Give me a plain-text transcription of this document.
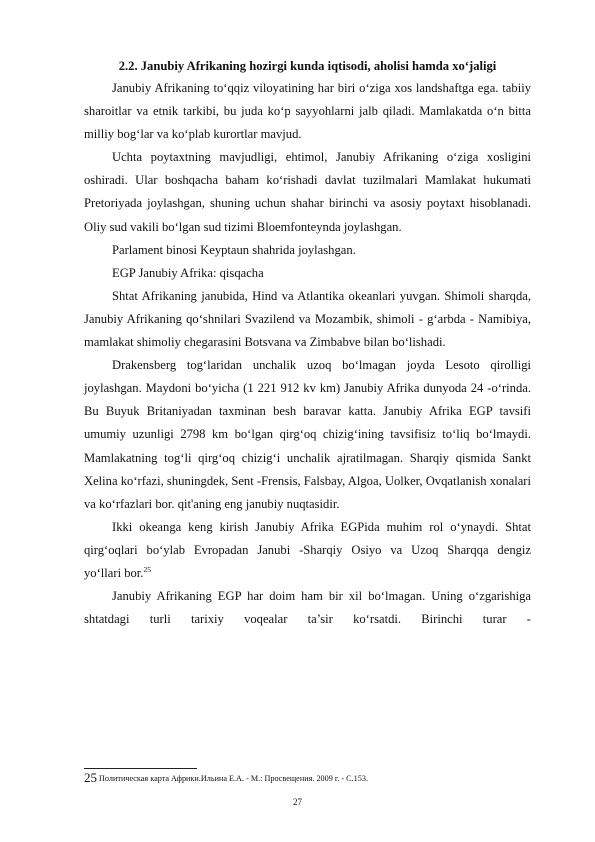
2.2. Janubiy Afrikaning hozirgi kunda iqtisodi, aholisi hamda xo‘jaligi

Janubiy Afrikaning to‘qqiz viloyatining har biri o‘ziga xos landshaftga ega. tabiiy sharoitlar va etnik tarkibi, bu juda ko‘p sayyohlarni jalb qiladi. Mamlakatda o‘n bitta milliy bog‘lar va ko‘plab kurortlar mavjud.

Uchta poytaxtning mavjudligi, ehtimol, Janubiy Afrikaning o‘ziga xosligini oshiradi. Ular boshqacha baham ko‘rishadi davlat tuzilmalari Mamlakat hukumati Pretoriyada joylashgan, shuning uchun shahar birinchi va asosiy poytaxt hisoblanadi. Oliy sud vakili bo‘lgan sud tizimi Bloemfonteynda joylashgan.

Parlament binosi Keyptaun shahrida joylashgan.

EGP Janubiy Afrika: qisqacha

Shtat Afrikaning janubida, Hind va Atlantika okeanlari yuvgan. Shimoli sharqda, Janubiy Afrikaning qo‘shnilari Svazilend va Mozambik, shimoli - g‘arbda - Namibiya, mamlakat shimoliy chegarasini Botsvana va Zimbabve bilan bo‘lishadi.

Drakensberg tog‘laridan unchalik uzoq bo‘lmagan joyda Lesoto qirolligi joylashgan. Maydoni bo‘yicha (1 221 912 kv km) Janubiy Afrika dunyoda 24 -o‘rinda. Bu Buyuk Britaniyadan taxminan besh baravar katta. Janubiy Afrika EGP tavsifi umumiy uzunligi 2798 km bo‘lgan qirg‘oq chizig‘ining tavsifisiz to‘liq bo‘lmaydi. Mamlakatning tog‘li qirg‘oq chizig‘i unchalik ajratilmagan. Sharqiy qismida Sankt Xelina ko‘rfazi, shuningdek, Sent -Frensis, Falsbay, Algoa, Uolker, Ovqatlanish xonalari va ko‘rfazlari bor. qit'aning eng janubiy nuqtasidir.

Ikki okeanga keng kirish Janubiy Afrika EGPida muhim rol o‘ynaydi. Shtat qirg‘oqlari bo‘ylab Evropadan Janubi -Sharqiy Osiyo va Uzoq Sharqqa dengiz

yo‘llari bor.$^{25}$

Janubiy Afrikaning EGP har doim ham bir xil bo‘lmagan. Uning o‘zgarishiga shtatdagi turli tarixiy voqealar ta’sir ko‘rsatdi. Birinchi turar -

25 Политическая карта Африки.Ильина Е.А. - М.: Просвещения. 2009 г. - С.153.
27
